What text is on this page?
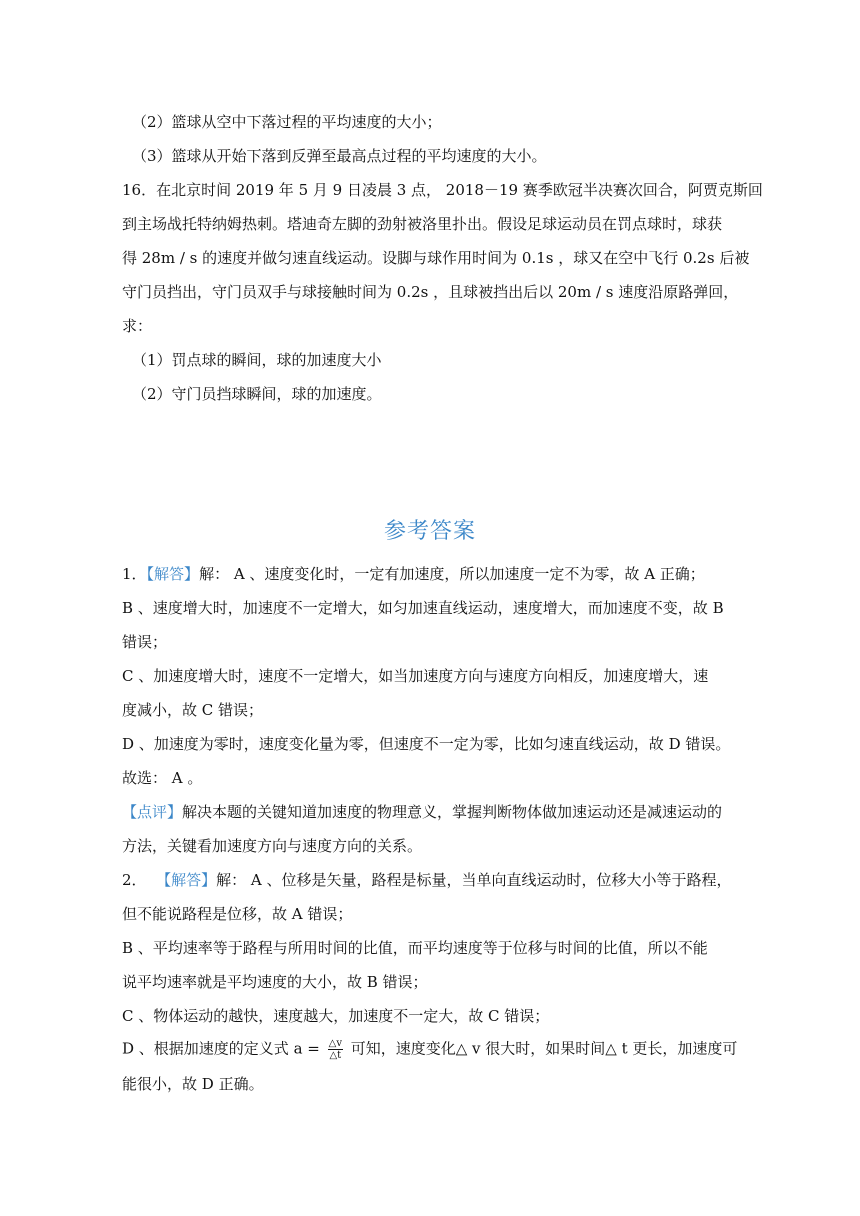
（2）篮球从空中下落过程的平均速度的大小；
（3）篮球从开始下落到反弹至最高点过程的平均速度的大小。
16．在北京时间 2019 年 5 月 9 日凌晨 3 点， 2018－19 赛季欧冠半决赛次回合，阿贾克斯回
到主场战托特纳姆热刺。塔迪奇左脚的劲射被洛里扑出。假设足球运动员在罚点球时，球获
得 28m / s 的速度并做匀速直线运动。设脚与球作用时间为 0.1s ，球又在空中飞行 0.2s 后被
守门员挡出，守门员双手与球接触时间为 0.2s ，且球被挡出后以 20m / s 速度沿原路弹回，
求：
（1）罚点球的瞬间，球的加速度大小
（2）守门员挡球瞬间，球的加速度。
参考答案
1．【解答】解： A 、速度变化时，一定有加速度，所以加速度一定不为零，故 A 正确；
B 、速度增大时，加速度不一定增大，如匀加速直线运动，速度增大，而加速度不变，故 B
错误；
C 、加速度增大时，速度不一定增大，如当加速度方向与速度方向相反，加速度增大，速
度减小，故 C 错误；
D 、加速度为零时，速度变化量为零，但速度不一定为零，比如匀速直线运动，故 D 错误。
故选： A 。
【点评】解决本题的关键知道加速度的物理意义，掌握判断物体做加速运动还是减速运动的
方法，关键看加速度方向与速度方向的关系。
2． 【解答】解： A 、位移是矢量，路程是标量，当单向直线运动时，位移大小等于路程，
但不能说路程是位移，故 A 错误；
B 、平均速率等于路程与所用时间的比值，而平均速度等于位移与时间的比值，所以不能
说平均速率就是平均速度的大小，故 B 错误；
C 、物体运动的越快，速度越大，加速度不一定大，故 C 错误；
D 、根据加速度的定义式 $a = \frac{\triangle v}{\triangle t}$ 可知，速度变化△ v 很大时，如果时间△ t 更长，加速度可
能很小，故 D 正确。
